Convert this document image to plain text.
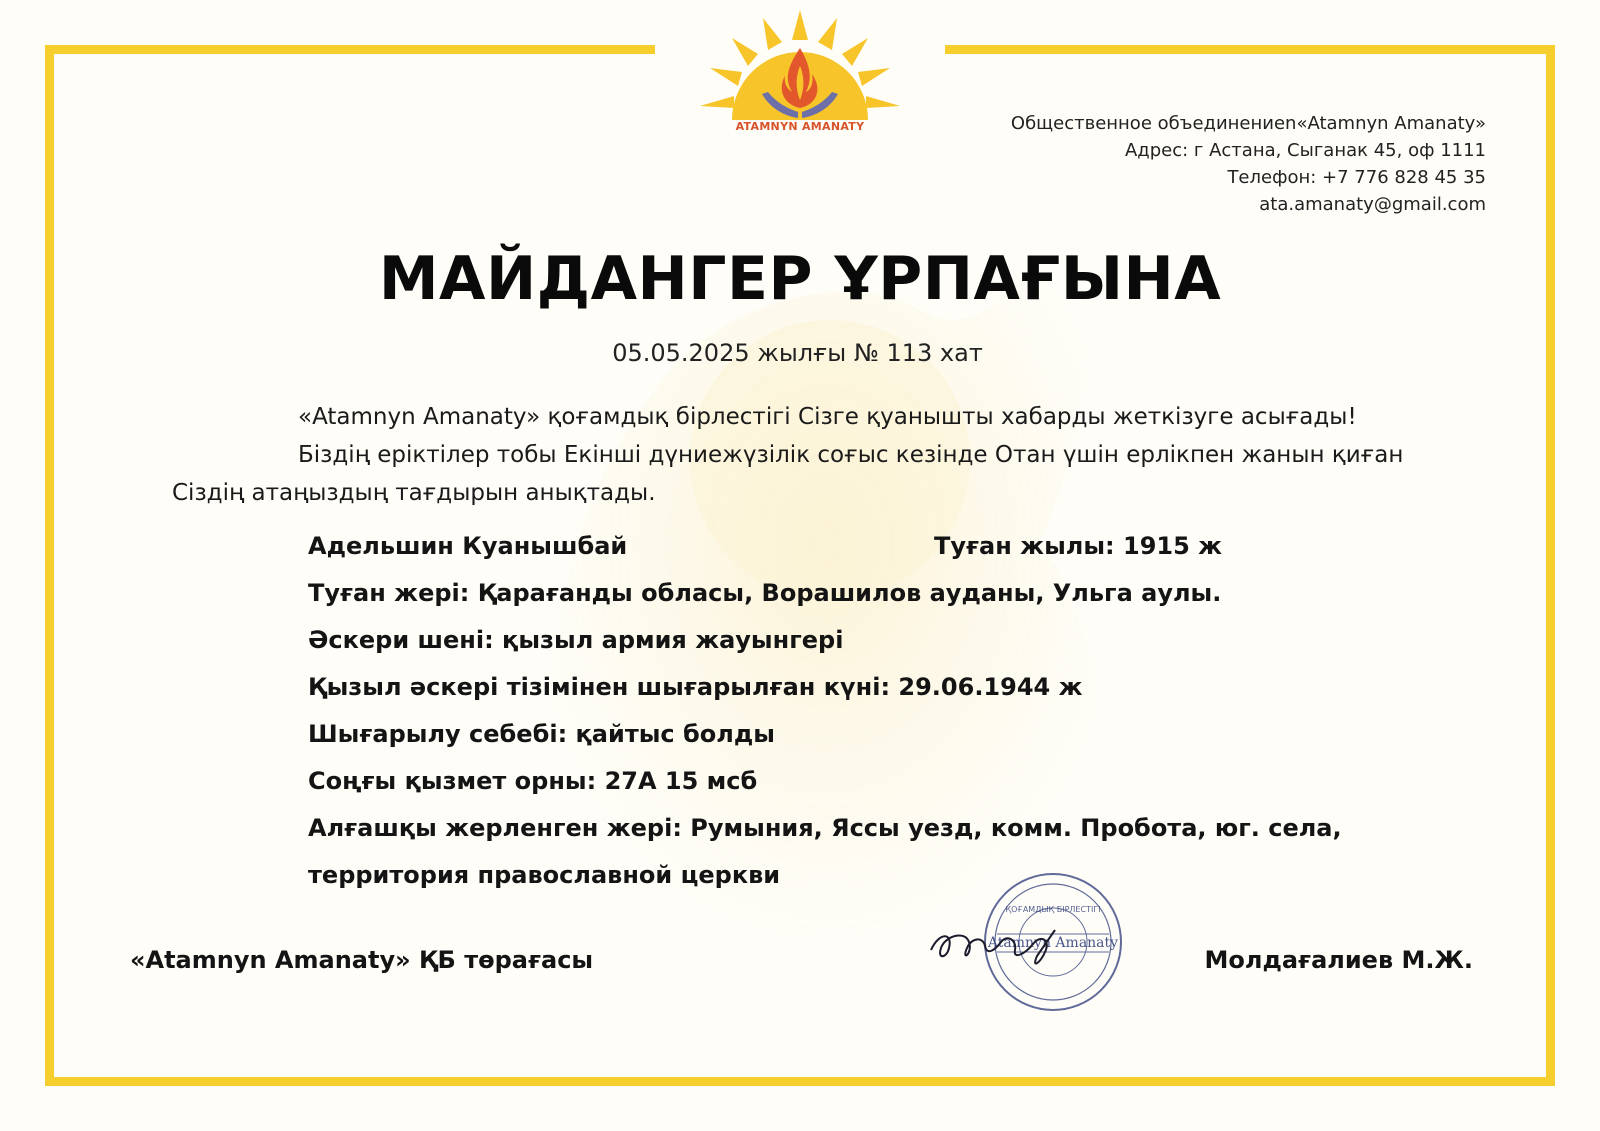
ATAMNYN AMANATY	Общественное объединениеn«Atamnyn Amanaty»
Адрес: г Астана, Сыганак 45, оф 1111
Телефон: +7 776 828 45 35
ata.amanaty@gmail.com
МАЙДАНГЕР ҰРПАҒЫНА
05.05.2025 жылғы № 113 хат

«Atamnyn Amanaty» қоғамдық бірлестігі Сізге қуанышты хабарды жеткізуге асығады!

Біздің еріктілер тобы Екінші дүниежүзілік соғыс кезінде Отан үшін ерлікпен жанын қиған Сіздің атаңыздың тағдырын анықтады.

Адельшин Куанышбай	Туған жылы: 1915 ж
Туған жері: Қарағанды обласы, Ворашилов ауданы, Ульга аулы.
Әскери шені: қызыл армия жауынгері
Қызыл әскері тізімінен шығарылған күні: 29.06.1944 ж
Шығарылу себебі: қайтыс болды
Соңғы қызмет орны: 27А 15 мсб
Алғашқы жерленген жері: Румыния, Яссы уезд, комм. Пробота, юг. села,
территория православной церкви
«Atamnyn Amanaty» ҚБ төрағасы	Молдағалиев М.Ж.
ҚОҒАМДЫҚ БІРЛЕСТІГІ
Atamnyn Amanaty
